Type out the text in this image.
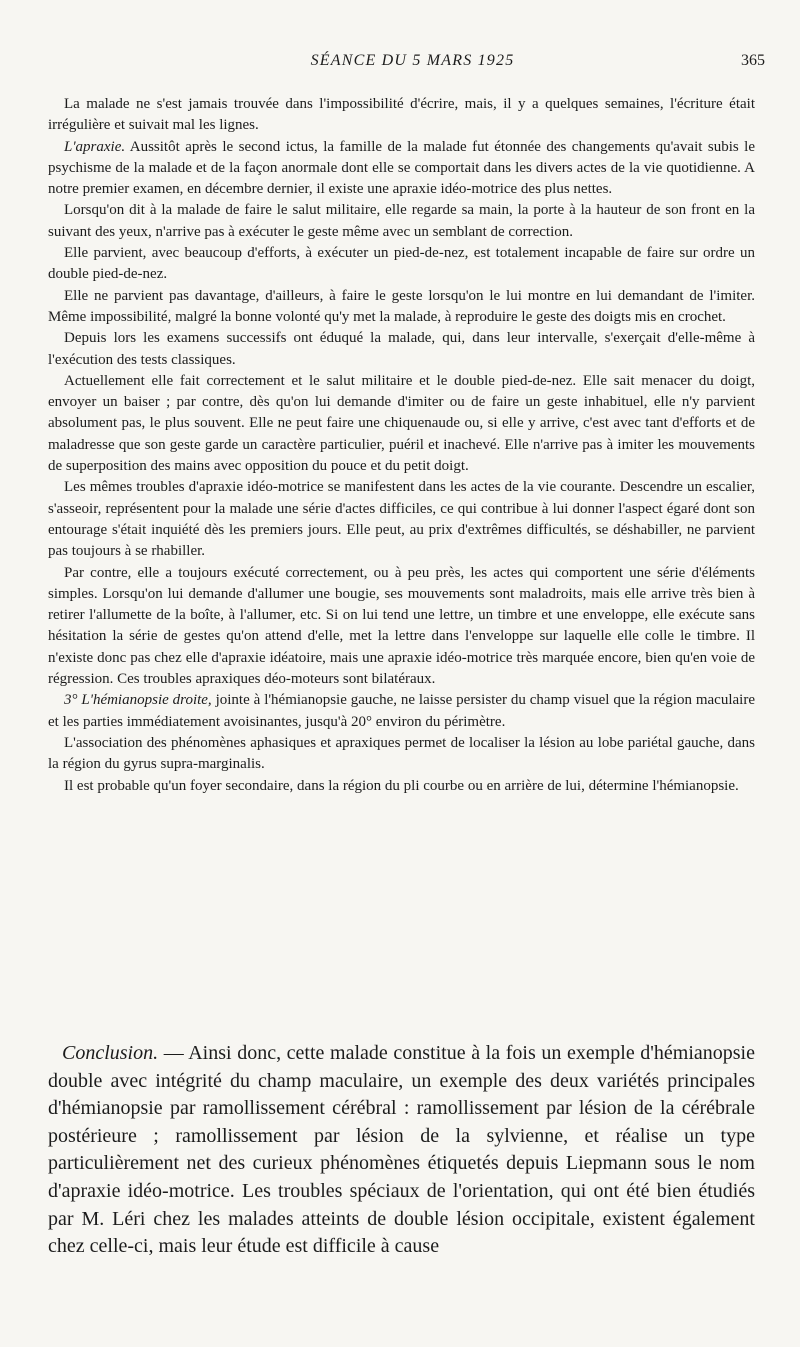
SÉANCE DU 5 MARS 1925	365

La malade ne s'est jamais trouvée dans l'impossibilité d'écrire, mais, il y a quelques semaines, l'écriture était irrégulière et suivait mal les lignes.

L'apraxie. Aussitôt après le second ictus, la famille de la malade fut étonnée des changements qu'avait subis le psychisme de la malade et de la façon anormale dont elle se comportait dans les divers actes de la vie quotidienne. A notre premier examen, en décembre dernier, il existe une apraxie idéo-motrice des plus nettes.

Lorsqu'on dit à la malade de faire le salut militaire, elle regarde sa main, la porte à la hauteur de son front en la suivant des yeux, n'arrive pas à exécuter le geste même avec un semblant de correction.

Elle parvient, avec beaucoup d'efforts, à exécuter un pied-de-nez, est totalement incapable de faire sur ordre un double pied-de-nez.

Elle ne parvient pas davantage, d'ailleurs, à faire le geste lorsqu'on le lui montre en lui demandant de l'imiter. Même impossibilité, malgré la bonne volonté qu'y met la malade, à reproduire le geste des doigts mis en crochet.

Depuis lors les examens successifs ont éduqué la malade, qui, dans leur intervalle, s'exerçait d'elle-même à l'exécution des tests classiques.

Actuellement elle fait correctement et le salut militaire et le double pied-de-nez. Elle sait menacer du doigt, envoyer un baiser ; par contre, dès qu'on lui demande d'imiter ou de faire un geste inhabituel, elle n'y parvient absolument pas, le plus souvent. Elle ne peut faire une chiquenaude ou, si elle y arrive, c'est avec tant d'efforts et de maladresse que son geste garde un caractère particulier, puéril et inachevé. Elle n'arrive pas à imiter les mouvements de superposition des mains avec opposition du pouce et du petit doigt.

Les mêmes troubles d'apraxie idéo-motrice se manifestent dans les actes de la vie courante. Descendre un escalier, s'asseoir, représentent pour la malade une série d'actes difficiles, ce qui contribue à lui donner l'aspect égaré dont son entourage s'était inquiété dès les premiers jours. Elle peut, au prix d'extrêmes difficultés, se déshabiller, ne parvient pas toujours à se rhabiller.

Par contre, elle a toujours exécuté correctement, ou à peu près, les actes qui comportent une série d'éléments simples. Lorsqu'on lui demande d'allumer une bougie, ses mouvements sont maladroits, mais elle arrive très bien à retirer l'allumette de la boîte, à l'allumer, etc. Si on lui tend une lettre, un timbre et une enveloppe, elle exécute sans hésitation la série de gestes qu'on attend d'elle, met la lettre dans l'enveloppe sur laquelle elle colle le timbre. Il n'existe donc pas chez elle d'apraxie idéatoire, mais une apraxie idéo-motrice très marquée encore, bien qu'en voie de régression. Ces troubles apraxiques déo-moteurs sont bilatéraux.

3° L'hémianopsie droite, jointe à l'hémianopsie gauche, ne laisse persister du champ visuel que la région maculaire et les parties immédiatement avoisinantes, jusqu'à 20° environ du périmètre.

L'association des phénomènes aphasiques et apraxiques permet de localiser la lésion au lobe pariétal gauche, dans la région du gyrus supra-marginalis.

Il est probable qu'un foyer secondaire, dans la région du pli courbe ou en arrière de lui, détermine l'hémianopsie.

Conclusion. — Ainsi donc, cette malade constitue à la fois un exemple d'hémianopsie double avec intégrité du champ maculaire, un exemple des deux variétés principales d'hémianopsie par ramollissement cérébral : ramollissement par lésion de la cérébrale postérieure ; ramollissement par lésion de la sylvienne, et réalise un type particulièrement net des curieux phénomènes étiquetés depuis Liepmann sous le nom d'apraxie idéo-motrice. Les troubles spéciaux de l'orientation, qui ont été bien étudiés par M. Léri chez les malades atteints de double lésion occipitale, existent également chez celle-ci, mais leur étude est difficile à cause
